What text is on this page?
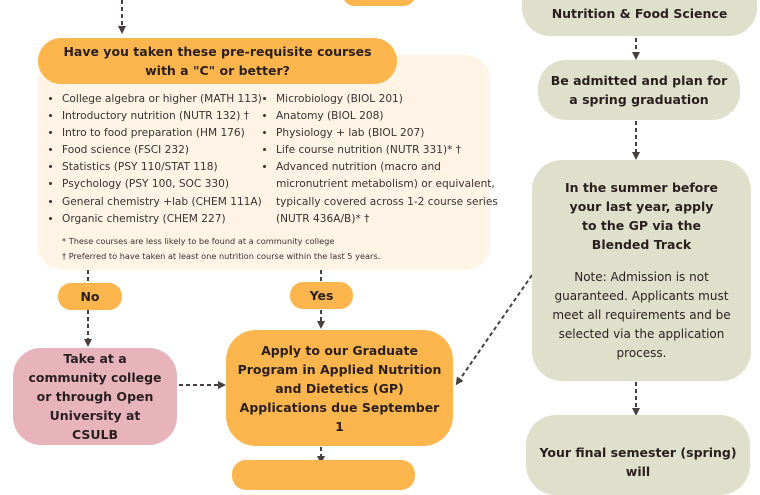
Have you taken these pre-requisite courses
with a "C" or better?
• College algebra or higher (MATH 113)
• Introductory nutrition (NUTR 132) †
• Intro to food preparation (HM 176)
• Food science (FSCI 232)
• Statistics (PSY 110/STAT 118)
• Psychology (PSY 100, SOC 330)
• General chemistry +lab (CHEM 111A)
• Organic chemistry (CHEM 227)
• Microbiology (BIOL 201)
• Anatomy (BIOL 208)
• Physiology + lab (BIOL 207)
• Life course nutrition (NUTR 331)* †
• Advanced nutrition (macro and micronutrient metabolism) or equivalent, typically covered across 1-2 course series (NUTR 436A/B)* †
* These courses are less likely to be found at a community college
† Preferred to have taken at least one nutrition course within the last 5 years.
No	Yes
Take at a community college or through Open University at CSULB
Apply to our Graduate Program in Applied Nutrition and Dietetics (GP)
Applications due September 1
Nutrition & Food Science
Be admitted and plan for a spring graduation
In the summer before your last year, apply to the GP via the Blended Track
Note: Admission is not guaranteed. Applicants must meet all requirements and be selected via the application process.
Your final semester (spring) will
